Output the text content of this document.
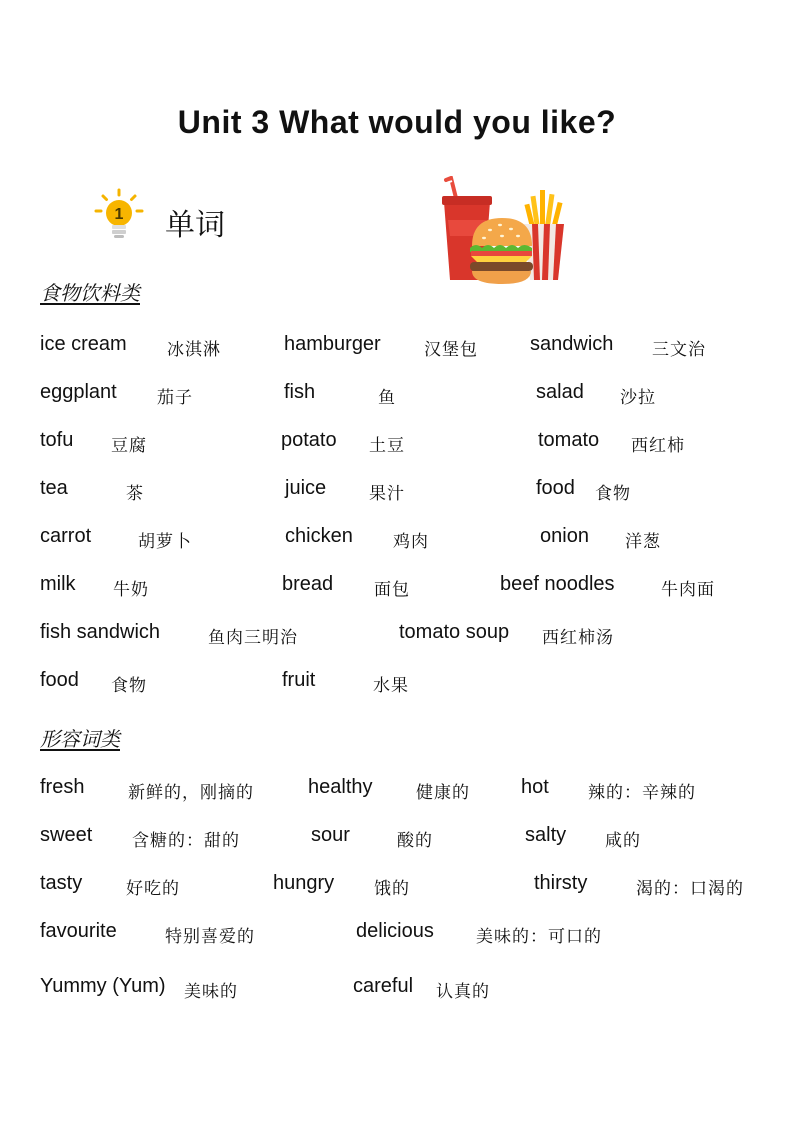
Unit 3 What would you like?
1 单词
食物饮料类
ice cream 冰淇淋	hamburger	汉堡包	sandwich 三文治
eggplant 茄子	fish	鱼	salad 沙拉
tofu 豆腐	potato 土豆	tomato 西红柿
tea	茶	juice	果汁	food 食物
carrot	胡萝卜	chicken 鸡肉	onion 洋葱
milk 牛奶	bread 面包	beef noodles	牛肉面
fish sandwich	鱼肉三明治	tomato soup 西红柿汤
food 食物	fruit	水果
形容词类
fresh	新鲜的，刚摘的	healthy	健康的	hot 辣的：辛辣的
sweet 含糖的：甜的	sour	酸的	salty 咸的
tasty	好吃的	hungry 饿的	thirsty	渴的：口渴的
favourite	特别喜爱的	delicious 美味的：可口的
Yummy (Yum) 美味的	careful 认真的
